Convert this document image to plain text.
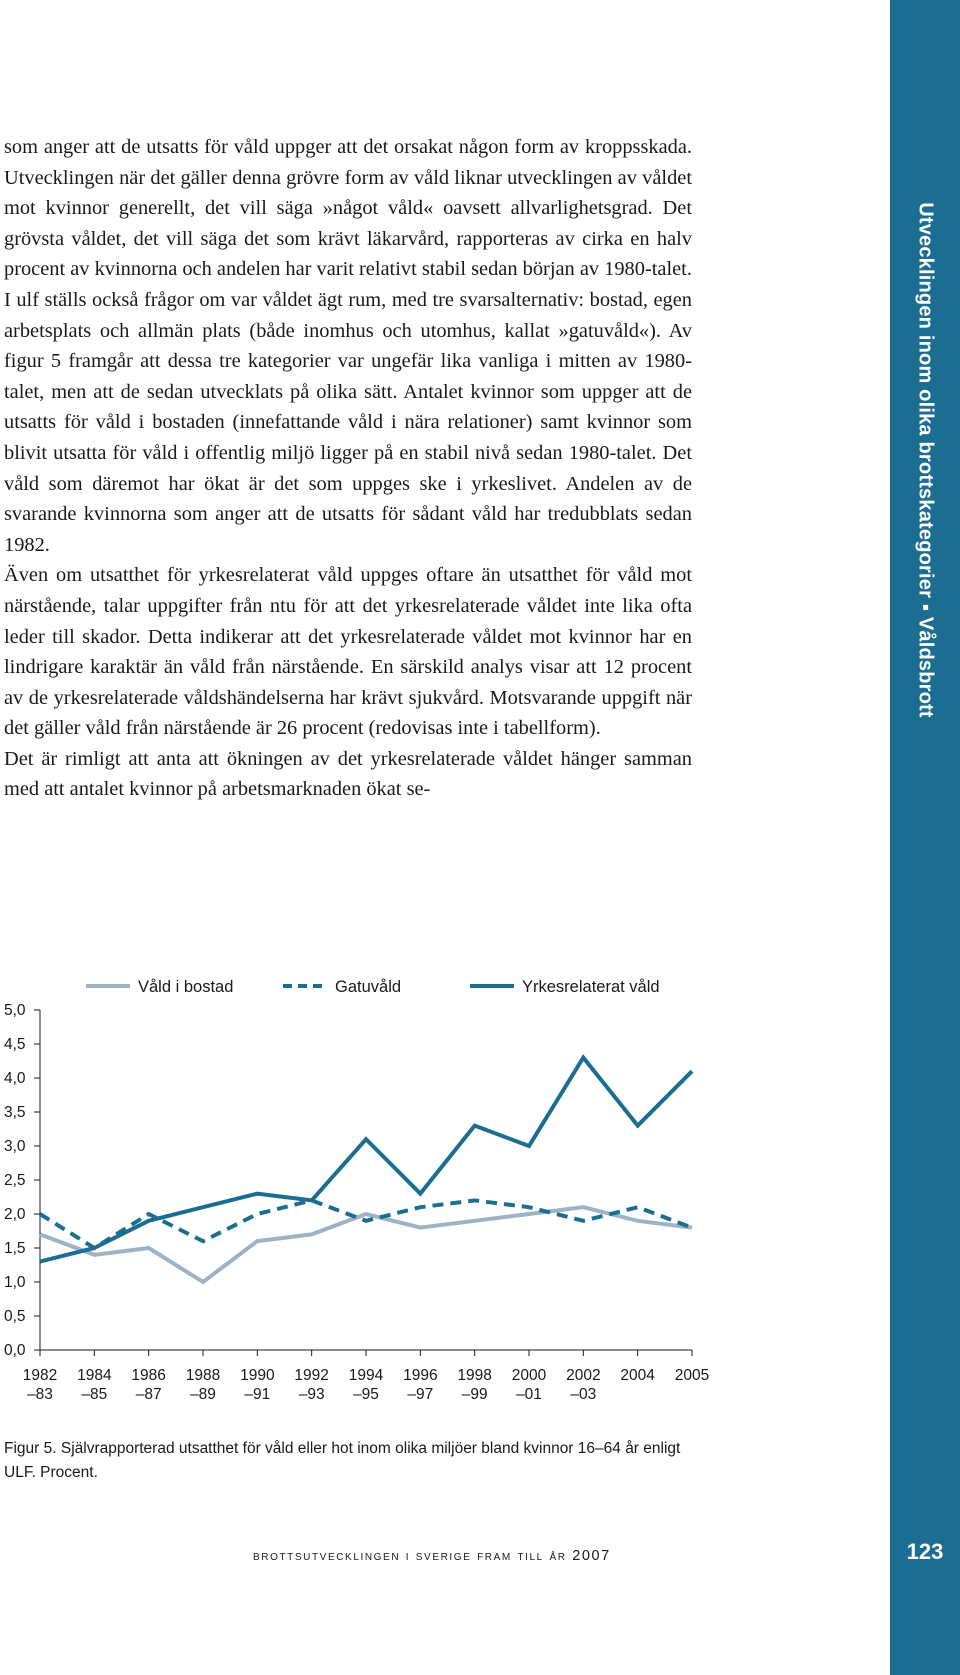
Utvecklingen inom olika brottskategorier ▪ Våldsbrott
123

som anger att de utsatts för våld uppger att det orsakat någon form av kroppsskada. Utvecklingen när det gäller denna grövre form av våld liknar utvecklingen av våldet mot kvinnor generellt, det vill säga »något våld« oavsett allvarlighetsgrad. Det grövsta våldet, det vill säga det som krävt läkarvård, rapporteras av cirka en halv procent av kvinnorna och andelen har varit relativt stabil sedan början av 1980-talet.

I ulf ställs också frågor om var våldet ägt rum, med tre svarsalternativ: bostad, egen arbetsplats och allmän plats (både inomhus och utomhus, kallat »gatuvåld«). Av figur 5 framgår att dessa tre kategorier var ungefär lika vanliga i mitten av 1980-talet, men att de sedan utvecklats på olika sätt. Antalet kvinnor som uppger att de utsatts för våld i bostaden (innefattande våld i nära relationer) samt kvinnor som blivit utsatta för våld i offentlig miljö ligger på en stabil nivå sedan 1980-talet. Det våld som däremot har ökat är det som uppges ske i yrkeslivet. Andelen av de svarande kvinnorna som anger att de utsatts för sådant våld har tredubblats sedan 1982.

Även om utsatthet för yrkesrelaterat våld uppges oftare än utsatthet för våld mot närstående, talar uppgifter från ntu för att det yrkesrelaterade våldet inte lika ofta leder till skador. Detta indikerar att det yrkesrelaterade våldet mot kvinnor har en lindrigare karaktär än våld från närstående. En särskild analys visar att 12 procent av de yrkesrelaterade våldshändelserna har krävt sjukvård. Motsvarande uppgift när det gäller våld från närstående är 26 procent (redovisas inte i tabellform).

Det är rimligt att anta att ökningen av det yrkesrelaterade våldet hänger samman med att antalet kvinnor på arbetsmarknaden ökat se-

0,0
0,5
1,0
1,5
2,0
2,5
3,0
3,5
4,0
4,5
5,0
1982
–83
1984
–85
1986
–87
1988
–89
1990
–91
1992
–93
1994
–95
1996
–97
1998
–99
2000
–01
2002
–03
2004 2005
Våld i bostad	Gatuvåld	Yrkesrelaterat våld
Figur 5. Självrapporterad utsatthet för våld eller hot inom olika miljöer bland kvinnor 16–64 år enligt ULF. Procent.
brottsutvecklingen i sverige fram till år 2007
